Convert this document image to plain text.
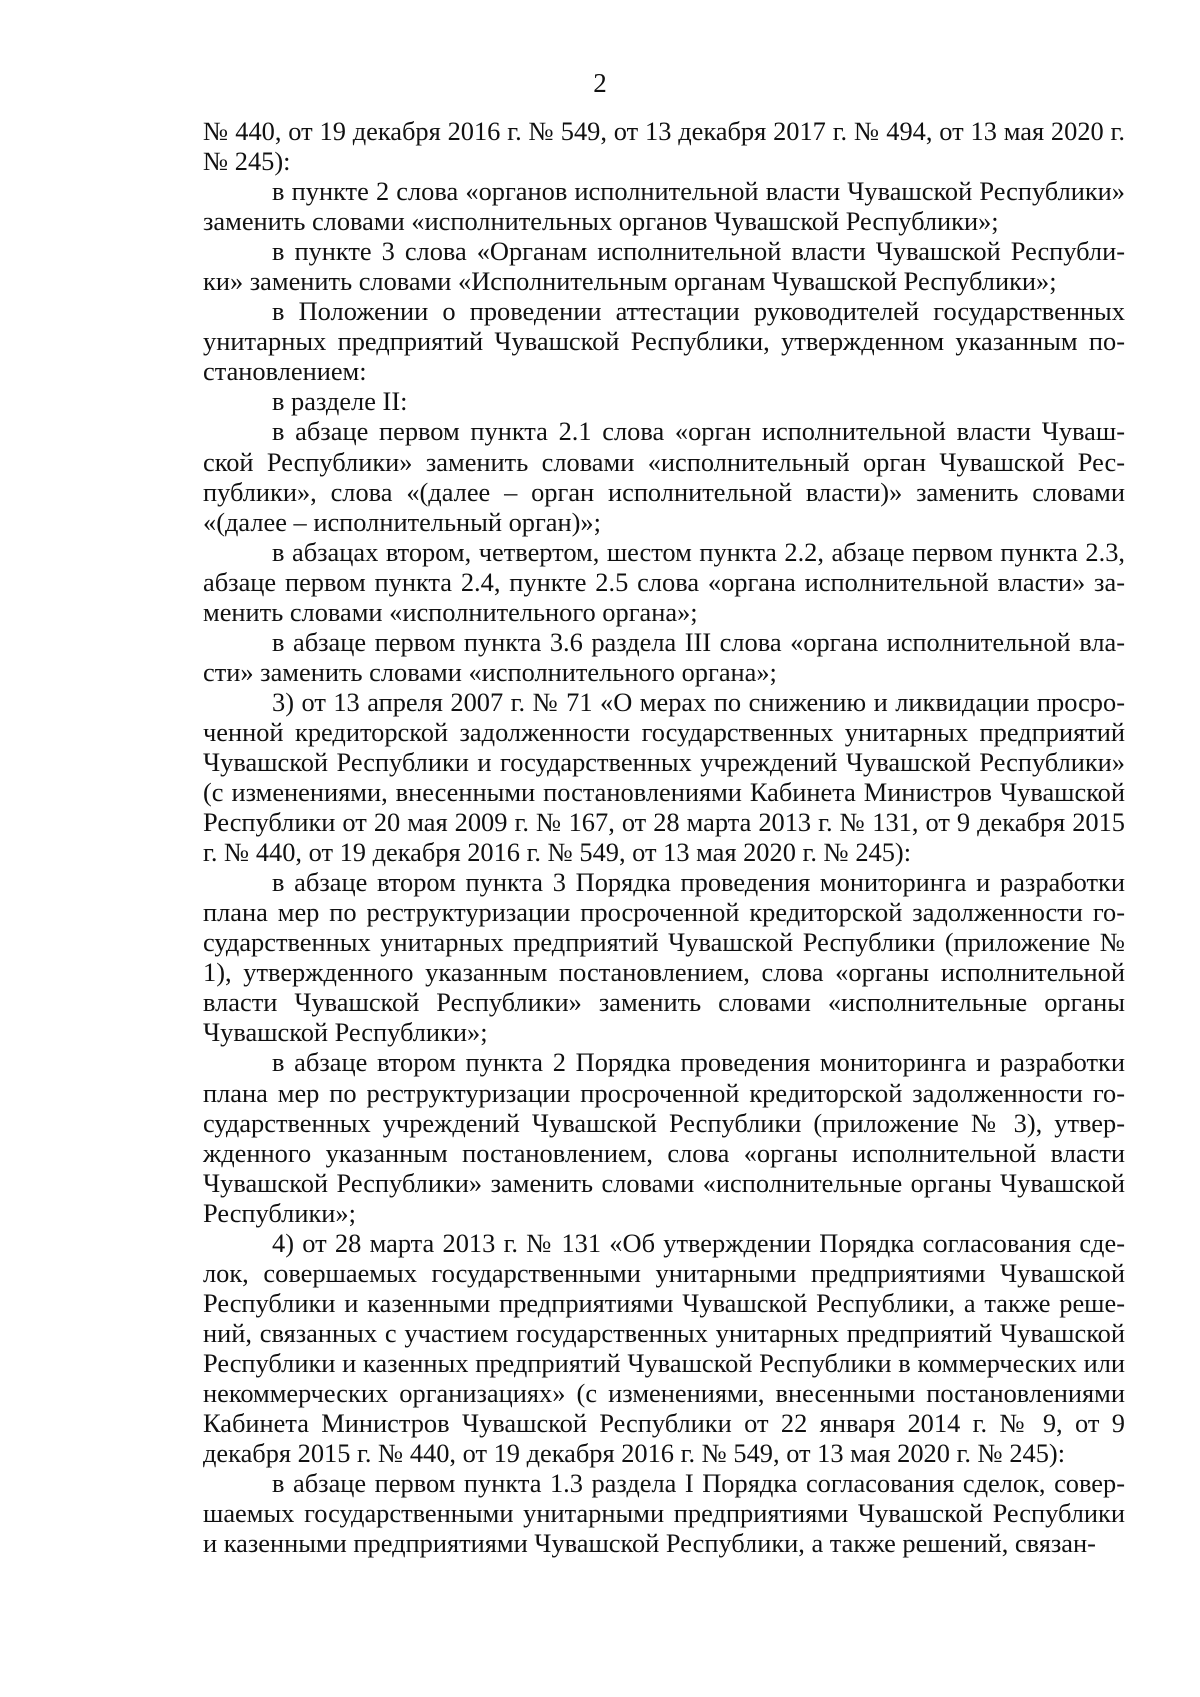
2

№ 440, от 19 декабря 2016 г. № 549, от 13 декабря 2017 г. № 494, от 13 мая 2020 г. № 245):

в пункте 2 слова «органов исполнительной власти Чувашской Республики» заменить словами «исполнительных органов Чувашской Республики»;

в пункте 3 слова «Органам исполнительной власти Чувашской Республики» заменить словами «Исполнительным органам Чувашской Республики»;

в Положении о проведении аттестации руководителей государственных унитарных предприятий Чувашской Республики, утвержденном указанным постановлением:

в разделе II:

в абзаце первом пункта 2.1 слова «орган исполнительной власти Чувашской Республики» заменить словами «исполнительный орган Чувашской Республики», слова «(далее – орган исполнительной власти)» заменить словами «(далее – исполнительный орган)»;

в абзацах втором, четвертом, шестом пункта 2.2, абзаце первом пункта 2.3, абзаце первом пункта 2.4, пункте 2.5 слова «органа исполнительной власти» заменить словами «исполнительного органа»;

в абзаце первом пункта 3.6 раздела III слова «органа исполнительной власти» заменить словами «исполнительного органа»;

3) от 13 апреля 2007 г. № 71 «О мерах по снижению и ликвидации просроченной кредиторской задолженности государственных унитарных предприятий Чувашской Республики и государственных учреждений Чувашской Республики» (с изменениями, внесенными постановлениями Кабинета Министров Чувашской Республики от 20 мая 2009 г. № 167, от 28 марта 2013 г. № 131, от 9 декабря 2015 г. № 440, от 19 декабря 2016 г. № 549, от 13 мая 2020 г. № 245):

в абзаце втором пункта 3 Порядка проведения мониторинга и разработки плана мер по реструктуризации просроченной кредиторской задолженности государственных унитарных предприятий Чувашской Республики (приложение № 1), утвержденного указанным постановлением, слова «органы исполнительной власти Чувашской Республики» заменить словами «исполнительные органы Чувашской Республики»;

в абзаце втором пункта 2 Порядка проведения мониторинга и разработки плана мер по реструктуризации просроченной кредиторской задолженности государственных учреждений Чувашской Республики (приложение № 3), утвержденного указанным постановлением, слова «органы исполнительной власти Чувашской Республики» заменить словами «исполнительные органы Чувашской Республики»;

4) от 28 марта 2013 г. № 131 «Об утверждении Порядка согласования сделок, совершаемых государственными унитарными предприятиями Чувашской Республики и казенными предприятиями Чувашской Республики, а также решений, связанных с участием государственных унитарных предприятий Чувашской Республики и казенных предприятий Чувашской Республики в коммерческих или некоммерческих организациях» (с изменениями, внесенными постановлениями Кабинета Министров Чувашской Республики от 22 января 2014 г. № 9, от 9 декабря 2015 г. № 440, от 19 декабря 2016 г. № 549, от 13 мая 2020 г. № 245):

в абзаце первом пункта 1.3 раздела I Порядка согласования сделок, совершаемых государственными унитарными предприятиями Чувашской Республики и казенными предприятиями Чувашской Республики, а также решений, связан-
